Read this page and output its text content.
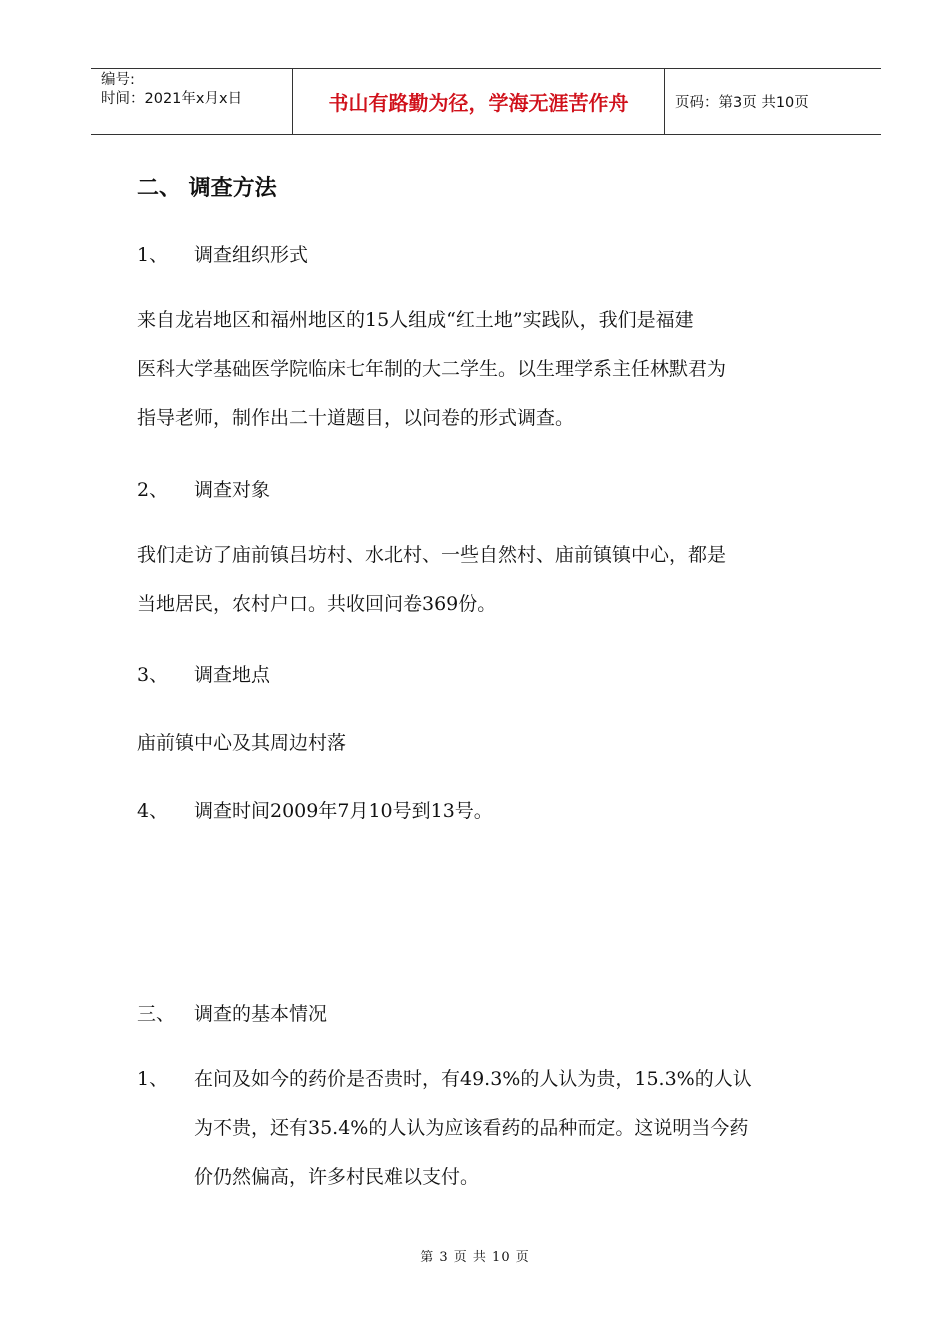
编号:
时间：2021年x月x日	书山有路勤为径，学海无涯苦作舟	页码：第3页 共10页
二、 调查方法
1、 调查组织形式
来自龙岩地区和福州地区的15人组成“红土地”实践队，我们是福建
医科大学基础医学院临床七年制的大二学生。以生理学系主任林默君为
指导老师，制作出二十道题目，以问卷的形式调查。
2、 调查对象
我们走访了庙前镇吕坊村、水北村、一些自然村、庙前镇镇中心，都是
当地居民，农村户口。共收回问卷369份。
3、 调查地点
庙前镇中心及其周边村落
4、 调查时间2009年7月10号到13号。
三、 调查的基本情况
1、	在问及如今的药价是否贵时，有49.3%的人认为贵，15.3%的人认
为不贵，还有35.4%的人认为应该看药的品种而定。这说明当今药
价仍然偏高，许多村民难以支付。
第 3 页 共 10 页
